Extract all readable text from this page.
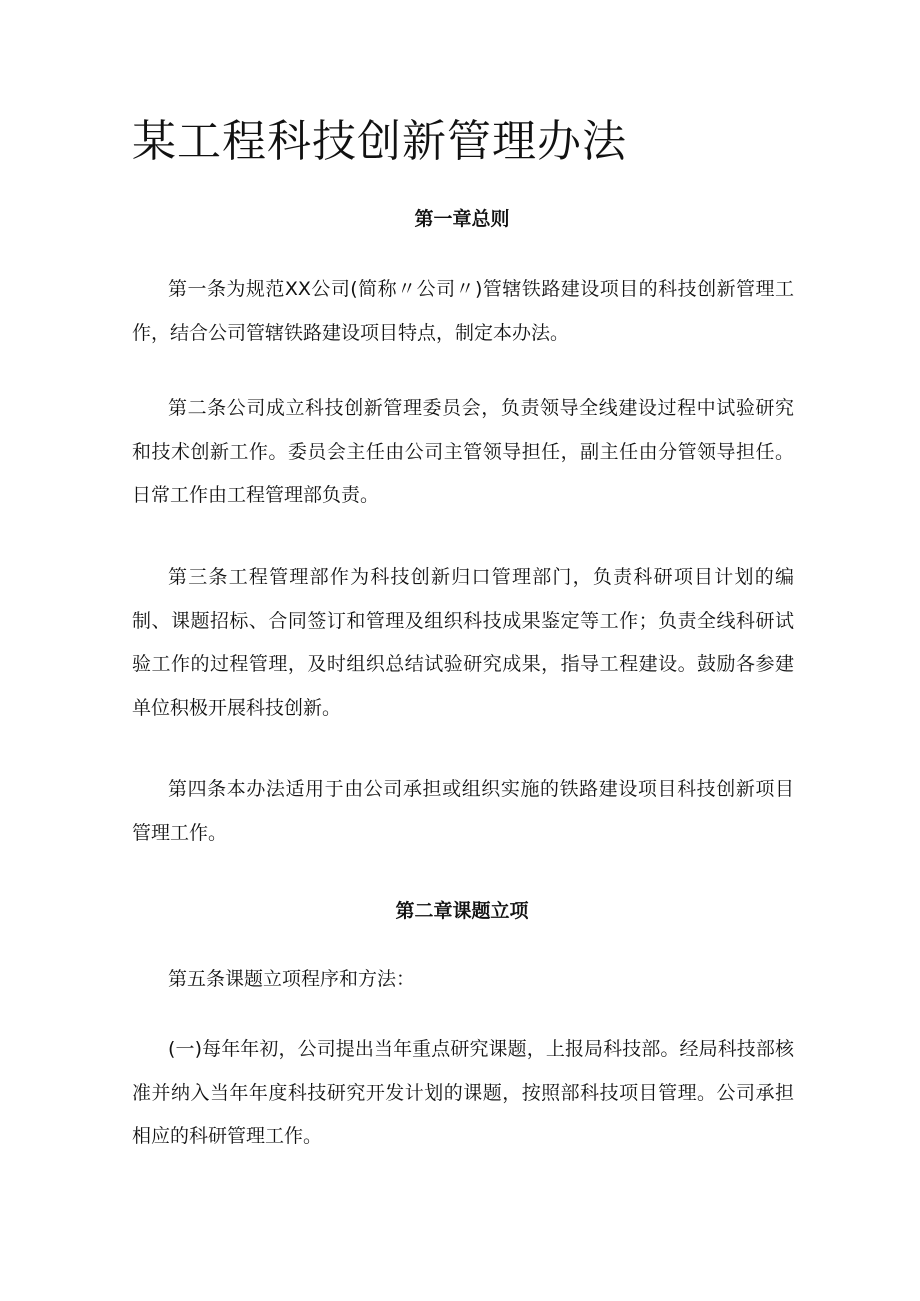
某工程科技创新管理办法
第一章总则

第一条为规范XX公司(简称〃公司〃)管辖铁路建设项目的科技创新管理工作，结合公司管辖铁路建设项目特点，制定本办法。

第二条公司成立科技创新管理委员会，负责领导全线建设过程中试验研究和技术创新工作。委员会主任由公司主管领导担任，副主任由分管领导担任。日常工作由工程管理部负责。

第三条工程管理部作为科技创新归口管理部门，负责科研项目计划的编制、课题招标、合同签订和管理及组织科技成果鉴定等工作；负责全线科研试验工作的过程管理，及时组织总结试验研究成果，指导工程建设。鼓励各参建单位积极开展科技创新。

第四条本办法适用于由公司承担或组织实施的铁路建设项目科技创新项目管理工作。

第二章课题立项

第五条课题立项程序和方法：

(一)每年年初，公司提出当年重点研究课题，上报局科技部。经局科技部核准并纳入当年年度科技研究开发计划的课题，按照部科技项目管理。公司承担相应的科研管理工作。
